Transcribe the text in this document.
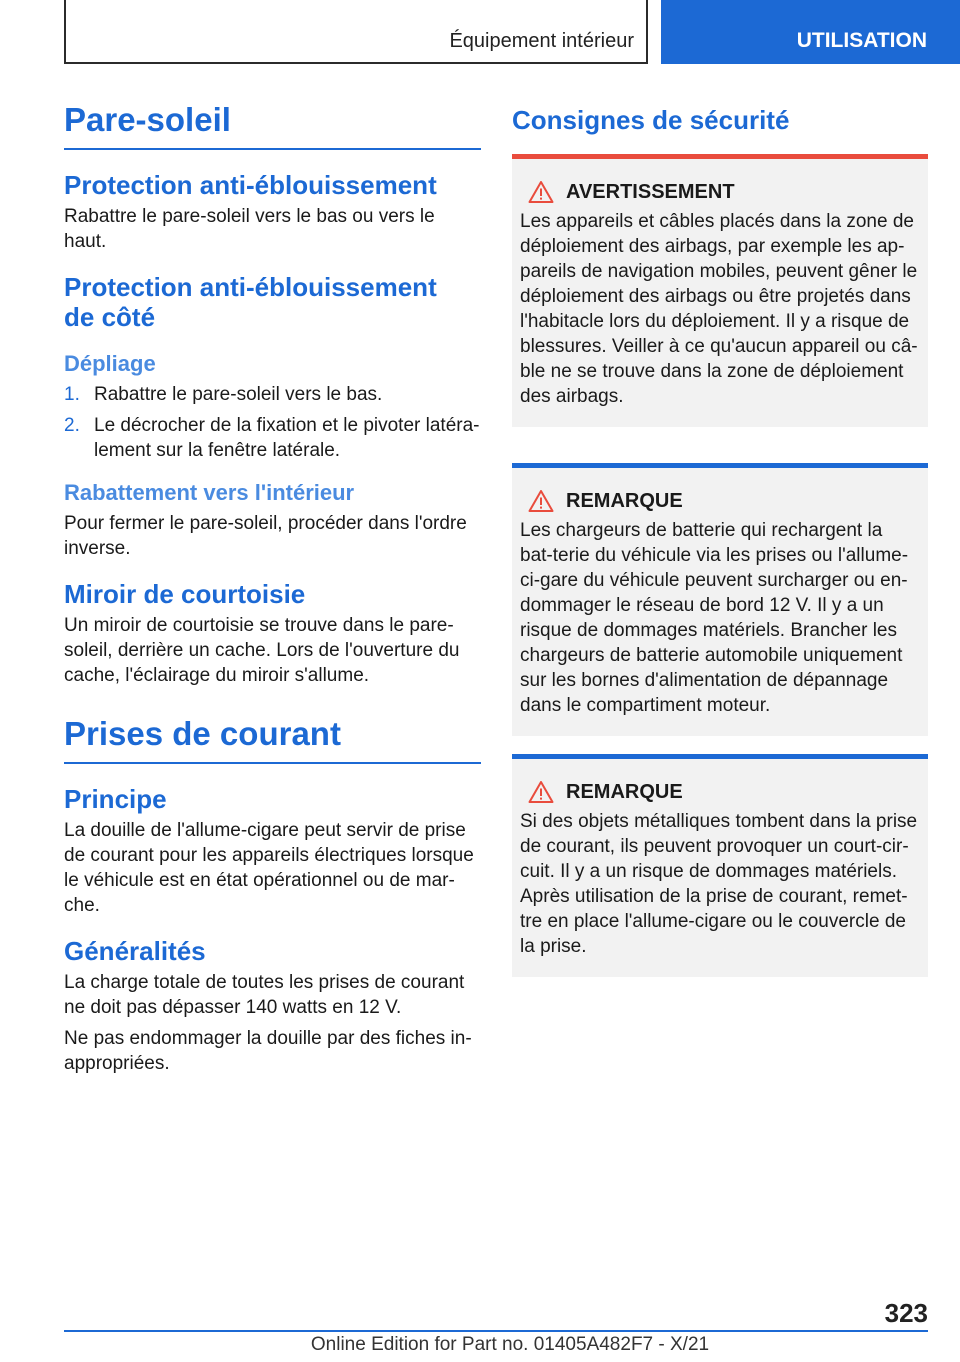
Équipement intérieur	UTILISATION
Pare-soleil
Protection anti-éblouissement
Rabattre le pare-soleil vers le bas ou vers le haut.
Protection anti-éblouissement de côté
Dépliage
1. Rabattre le pare-soleil vers le bas.
2. Le décrocher de la fixation et le pivoter latéra-lement sur la fenêtre latérale.
Rabattement vers l'intérieur
Pour fermer le pare-soleil, procéder dans l'ordre inverse.
Miroir de courtoisie
Un miroir de courtoisie se trouve dans le pare-soleil, derrière un cache. Lors de l'ouverture du cache, l'éclairage du miroir s'allume.
Prises de courant
Principe
La douille de l'allume-cigare peut servir de prise de courant pour les appareils électriques lorsque le véhicule est en état opérationnel ou de mar-che.
Généralités
La charge totale de toutes les prises de courant ne doit pas dépasser 140 watts en 12 V.
Ne pas endommager la douille par des fiches in-appropriées.
Consignes de sécurité
AVERTISSEMENT
Les appareils et câbles placés dans la zone de déploiement des airbags, par exemple les ap-pareils de navigation mobiles, peuvent gêner le déploiement des airbags ou être projetés dans l'habitacle lors du déploiement. Il y a risque de blessures. Veiller à ce qu'aucun appareil ou câ-ble ne se trouve dans la zone de déploiement des airbags.
REMARQUE
Les chargeurs de batterie qui rechargent la bat-terie du véhicule via les prises ou l'allume-ci-gare du véhicule peuvent surcharger ou en-dommager le réseau de bord 12 V. Il y a un risque de dommages matériels. Brancher les chargeurs de batterie automobile uniquement sur les bornes d'alimentation de dépannage dans le compartiment moteur.
REMARQUE
Si des objets métalliques tombent dans la prise de courant, ils peuvent provoquer un court-cir-cuit. Il y a un risque de dommages matériels. Après utilisation de la prise de courant, remet-tre en place l'allume-cigare ou le couvercle de la prise.
323
Online Edition for Part no. 01405A482F7 - X/21
